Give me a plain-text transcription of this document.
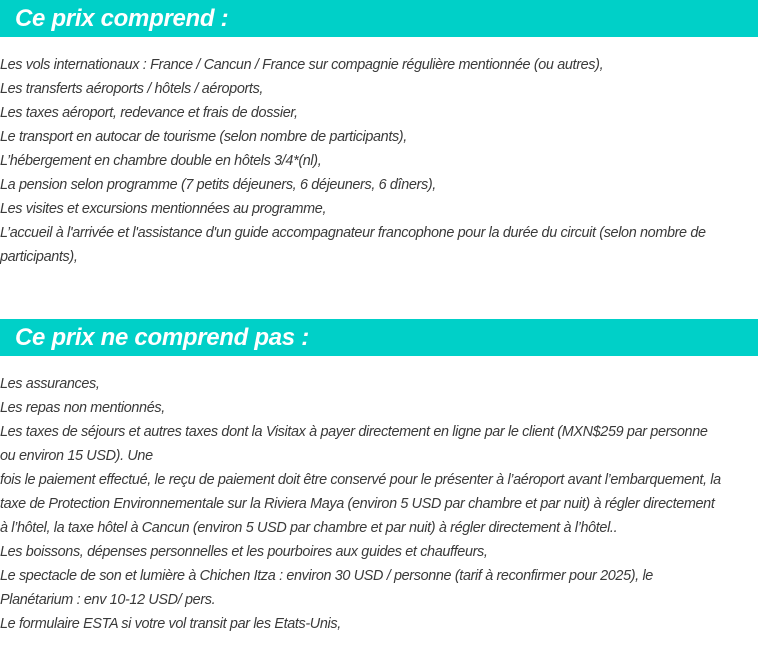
Ce prix comprend :
Les vols internationaux : France / Cancun / France sur compagnie régulière mentionnée (ou autres),
Les transferts aéroports / hôtels / aéroports,
Les taxes aéroport, redevance et frais de dossier,
Le transport en autocar de tourisme (selon nombre de participants),
L’hébergement en chambre double en hôtels 3/4*(nl),
La pension selon programme (7 petits déjeuners, 6 déjeuners, 6 dîners),
Les visites et excursions mentionnées au programme,
L’accueil à l'arrivée et l'assistance d'un guide accompagnateur francophone pour la durée du circuit (selon nombre de
participants),
Ce prix ne comprend pas :
Les assurances,
Les repas non mentionnés,
Les taxes de séjours et autres taxes dont la Visitax à payer directement en ligne par le client (MXN$259 par personne
ou environ 15 USD). Une
fois le paiement effectué, le reçu de paiement doit être conservé pour le présenter à l’aéroport avant l’embarquement, la
taxe de Protection Environnementale sur la Riviera Maya (environ 5 USD par chambre et par nuit) à régler directement
à l’hôtel, la taxe hôtel à Cancun (environ 5 USD par chambre et par nuit) à régler directement à l’hôtel..
Les boissons, dépenses personnelles et les pourboires aux guides et chauffeurs,
Le spectacle de son et lumière à Chichen Itza : environ 30 USD / personne (tarif à reconfirmer pour 2025), le
Planétarium : env 10-12 USD/ pers.
Le formulaire ESTA si votre vol transit par les Etats-Unis,
